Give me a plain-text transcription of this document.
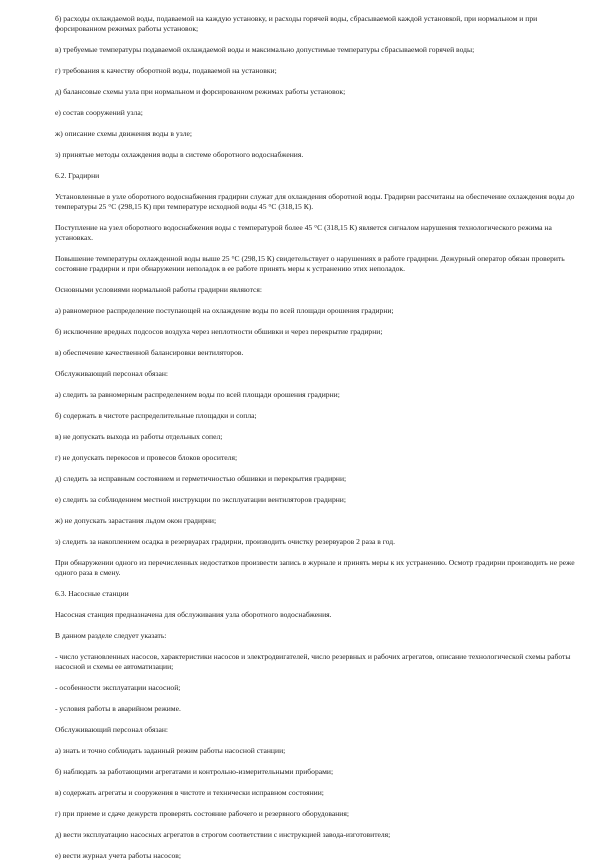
б) расходы охлаждаемой воды, подаваемой на каждую установку, и расходы горячей воды, сбрасываемой каждой установкой, при нормальном и при форсированном режимах работы установок;

в) требуемые температуры подаваемой охлаждаемой воды и максимально допустимые температуры сбрасываемой горячей воды;

г) требования к качеству оборотной воды, подаваемой на установки;

д) балансовые схемы узла при нормальном и форсированном режимах работы установок;

е) состав сооружений узла;

ж) описание схемы движения воды в узле;

з) принятые методы охлаждения воды в системе оборотного водоснабжения.

6.2. Градирни

Установленные в узле оборотного водоснабжения градирни служат для охлаждения оборотной воды. Градирни рассчитаны на обеспечение охлаждения воды до температуры 25 °С (298,15 К) при температуре исходной воды 45 °С (318,15 К).

Поступление на узел оборотного водоснабжения воды с температурой более 45 °С (318,15 К) является сигналом нарушения технологического режима на установках.

Повышение температуры охлажденной воды выше 25 °С (298,15 К) свидетельствует о нарушениях в работе градирни. Дежурный оператор обязан проверить состояние градирни и при обнаружении неполадок в ее работе принять меры к устранению этих неполадок.

Основными условиями нормальной работы градирни являются:

а) равномерное распределение поступающей на охлаждение воды по всей площади орошения градирни;

б) исключение вредных подсосов воздуха через неплотности обшивки и через перекрытие градирни;

в) обеспечение качественной балансировки вентиляторов.

Обслуживающий персонал обязан:

а) следить за равномерным распределением воды по всей площади орошения градирни;

б) содержать в чистоте распределительные площадки и сопла;

в) не допускать выхода из работы отдельных сопел;

г) не допускать перекосов и провесов блоков оросителя;

д) следить за исправным состоянием и герметичностью обшивки и перекрытия градирни;

е) следить за соблюдением местной инструкции по эксплуатации вентиляторов градирни;

ж) не допускать зарастания льдом окон градирни;

з) следить за накоплением осадка в резервуарах градирни, производить очистку резервуаров 2 раза в год.

При обнаружении одного из перечисленных недостатков произвести запись в журнале и принять меры к их устранению. Осмотр градирни производить не реже одного раза в смену.

6.3. Насосные станции

Насосная станция предназначена для обслуживания узла оборотного водоснабжения.

В данном разделе следует указать:

- число установленных насосов, характеристики насосов и электродвигателей, число резервных и рабочих агрегатов, описание технологической схемы работы насосной и схемы ее автоматизации;

- особенности эксплуатации насосной;

- условия работы в аварийном режиме.

Обслуживающий персонал обязан:

а) знать и точно соблюдать заданный режим работы насосной станции;

б) наблюдать за работающими агрегатами и контрольно-измерительными приборами;

в) содержать агрегаты и сооружения в чистоте и технически исправном состоянии;

г) при приеме и сдаче дежурств проверять состояние рабочего и резервного оборудования;

д) вести эксплуатацию насосных агрегатов в строгом соответствии с инструкцией завода-изготовителя;

е) вести журнал учета работы насосов;
